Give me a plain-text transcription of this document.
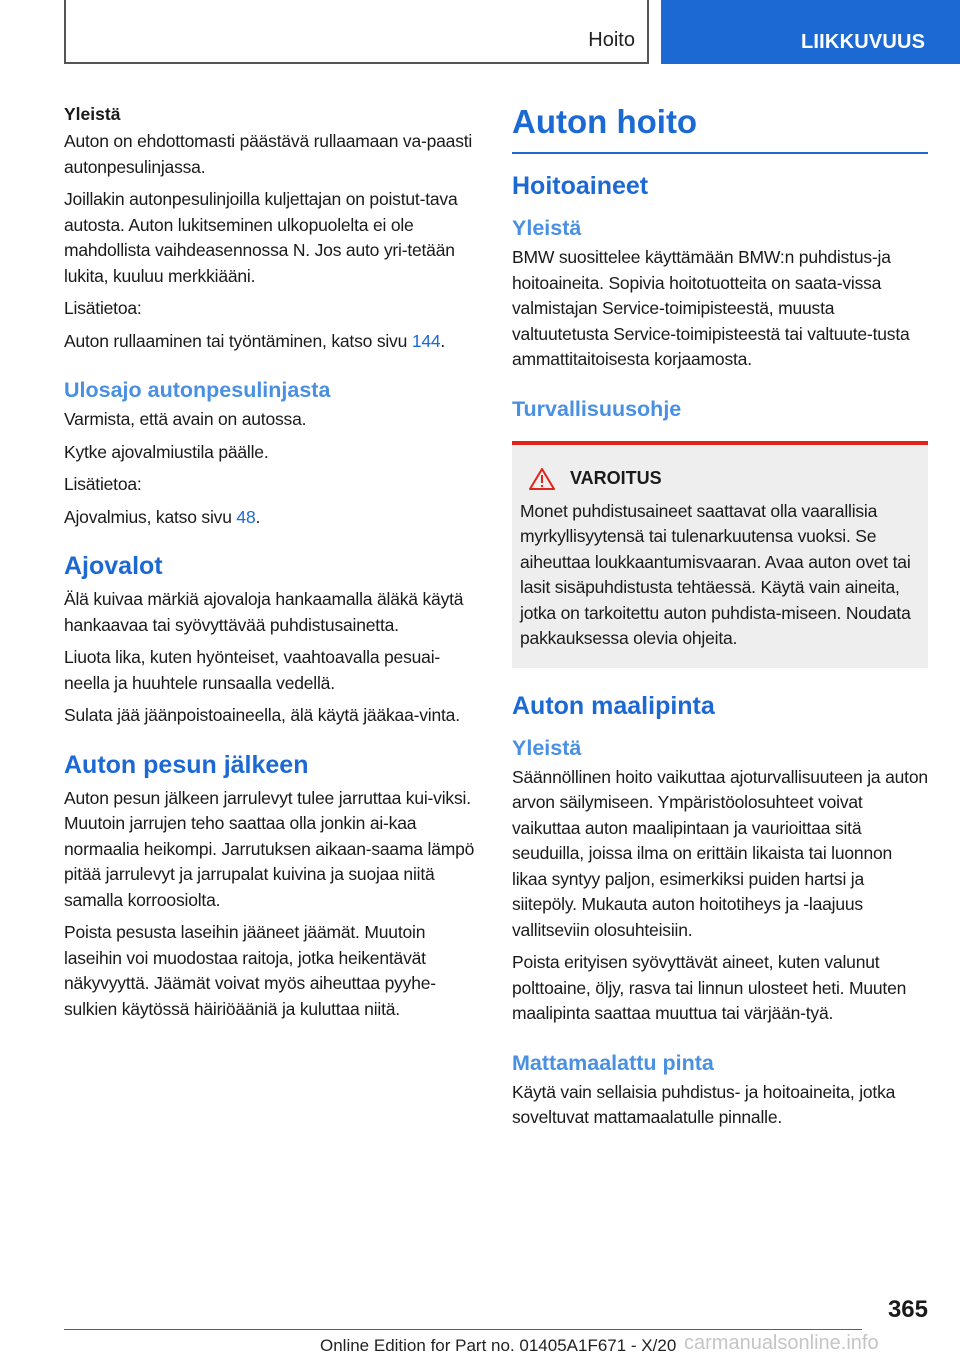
Hoito	LIIKKUVUUS
Yleistä

Auton on ehdottomasti päästävä rullaamaan va-paasti autonpesulinjassa.

Joillakin autonpesulinjoilla kuljettajan on poistut-tava autosta. Auton lukitseminen ulkopuolelta ei ole mahdollista vaihdeasennossa N. Jos auto yri-tetään lukita, kuuluu merkkiääni.

Lisätietoa:

Auton rullaaminen tai työntäminen, katso sivu 144.

Ulosajo autonpesulinjasta

Varmista, että avain on autossa.

Kytke ajovalmiustila päälle.

Lisätietoa:

Ajovalmius, katso sivu 48.

Ajovalot

Älä kuivaa märkiä ajovaloja hankaamalla äläkä käytä hankaavaa tai syövyttävää puhdistusainetta.

Liuota lika, kuten hyönteiset, vaahtoavalla pesuai-neella ja huuhtele runsaalla vedellä.

Sulata jää jäänpoistoaineella, älä käytä jääkaa-vinta.

Auton pesun jälkeen

Auton pesun jälkeen jarrulevyt tulee jarruttaa kui-viksi. Muutoin jarrujen teho saattaa olla jonkin ai-kaa normaalia heikompi. Jarrutuksen aikaan-saama lämpö pitää jarrulevyt ja jarrupalat kuivina ja suojaa niitä samalla korroosiolta.

Poista pesusta laseihin jääneet jäämät. Muutoin laseihin voi muodostaa raitoja, jotka heikentävät näkyvyyttä. Jäämät voivat myös aiheuttaa pyyhe-sulkien käytössä häiriöääniä ja kuluttaa niitä.

Auton hoito
Hoitoaineet
Yleistä

BMW suosittelee käyttämään BMW:n puhdistus-ja hoitoaineita. Sopivia hoitotuotteita on saata-vissa valmistajan Service-toimipisteestä, muusta valtuutetusta Service-toimipisteestä tai valtuute-tusta ammattitaitoisesta korjaamosta.

Turvallisuusohje
VAROITUS

Monet puhdistusaineet saattavat olla vaarallisia myrkyllisyytensä tai tulenarkuutensa vuoksi. Se aiheuttaa loukkaantumisvaaran. Avaa auton ovet tai lasit sisäpuhdistusta tehtäessä. Käytä vain aineita, jotka on tarkoitettu auton puhdista-miseen. Noudata pakkauksessa olevia ohjeita.

Auton maalipinta
Yleistä

Säännöllinen hoito vaikuttaa ajoturvallisuuteen ja auton arvon säilymiseen. Ympäristöolosuhteet voivat vaikuttaa auton maalipintaan ja vaurioittaa sitä seuduilla, joissa ilma on erittäin likaista tai luonnon likaa syntyy paljon, esimerkiksi puiden hartsi ja siitepöly. Mukauta auton hoitotiheys ja -laajuus vallitseviin olosuhteisiin.

Poista erityisen syövyttävät aineet, kuten valunut polttoaine, öljy, rasva tai linnun ulosteet heti. Muuten maalipinta saattaa muuttua tai värjään-tyä.

Mattamaalattu pinta

Käytä vain sellaisia puhdistus- ja hoitoaineita, jotka soveltuvat mattamaalatulle pinnalle.

365
Online Edition for Part no. 01405A1F671 - X/20 carmanualsonline.info
